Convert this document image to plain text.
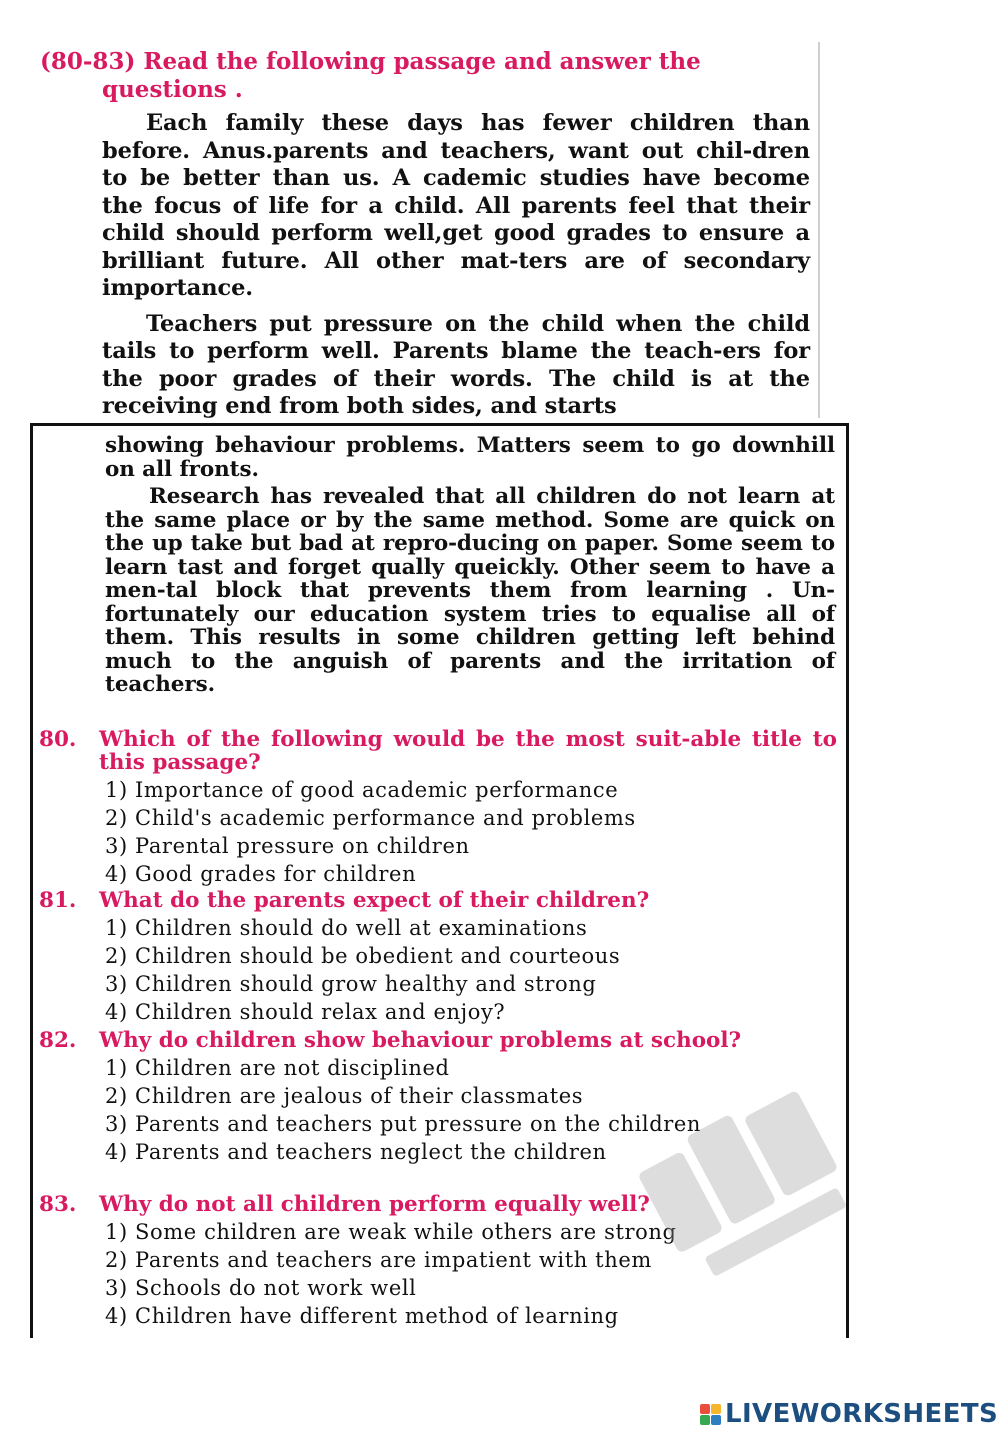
(80-83) Read the following passage and answer the
questions .

Each family these days has fewer children than before. Anus.parents and teachers, want out chil-dren to be better than us. A cademic studies have become the focus of life for a child. All parents feel that their child should perform well,get good grades to ensure a brilliant future. All other mat-ters are of secondary importance.

Teachers put pressure on the child when the child tails to perform well. Parents blame the teach-ers for the poor grades of their words. The child is at the receiving end from both sides, and starts

showing behaviour problems. Matters seem to go downhill on all fronts.

Research has revealed that all children do not learn at the same place or by the same method. Some are quick on the up take but bad at repro-ducing on paper. Some seem to learn tast and forget qually queickly. Other seem to have a men-tal block that prevents them from learning . Un-fortunately our education system tries to equalise all of them. This results in some children getting left behind much to the anguish of parents and the irritation of teachers.

80.	Which of the following would be the most suit-able title to this passage?
1) Importance of good academic performance
2) Child's academic performance and problems
3) Parental pressure on children
4) Good grades for children
81.	What do the parents expect of their children?
1) Children should do well at examinations
2) Children should be obedient and courteous
3) Children should grow healthy and strong
4) Children should relax and enjoy?
82.	Why do children show behaviour problems at school?
1) Children are not disciplined
2) Children are jealous of their classmates
3) Parents and teachers put pressure on the children
4) Parents and teachers neglect the children
83.	Why do not all children perform equally well?
1) Some children are weak while others are strong
2) Parents and teachers are impatient with them
3) Schools do not work well
4) Children have different method of learning
LIVEWORKSHEETS
